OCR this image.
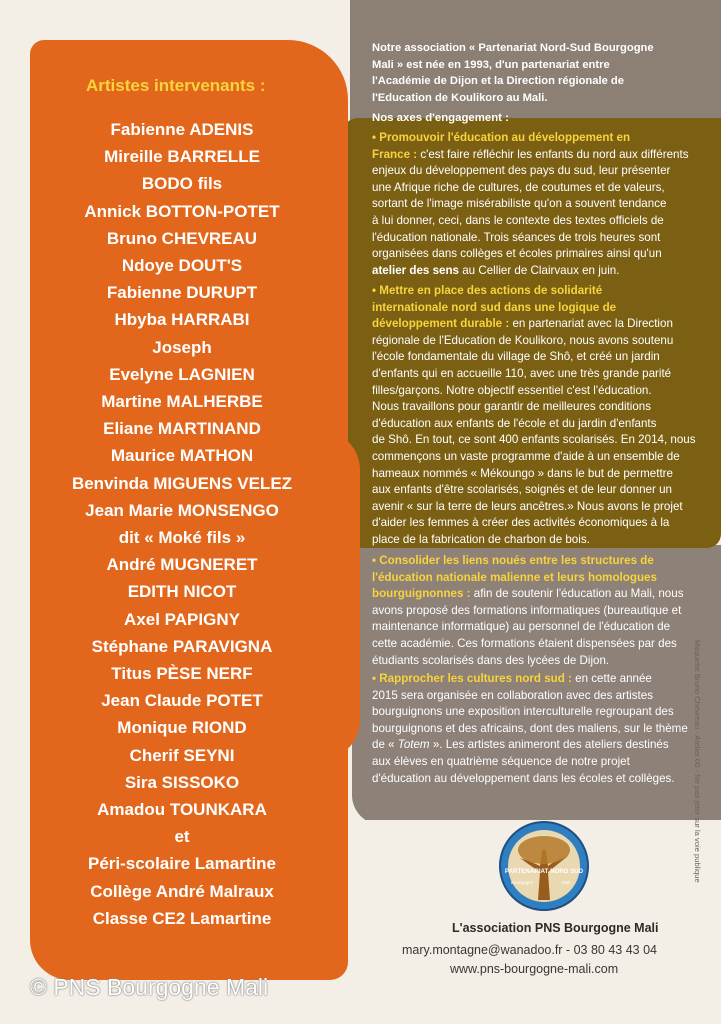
Artistes intervenants :
Fabienne ADENIS
Mireille BARRELLE
BODO fils
Annick BOTTON-POTET
Bruno CHEVREAU
Ndoye DOUT'S
Fabienne DURUPT
Hbyba HARRABI
Joseph
Evelyne LAGNIEN
Martine MALHERBE
Eliane MARTINAND
Maurice MATHON
Benvinda MIGUENS VELEZ
Jean Marie MONSENGO
dit « Moké fils »
André MUGNERET
EDITH NICOT
Axel PAPIGNY
Stéphane PARAVIGNA
Titus PÈSE NERF
Jean Claude POTET
Monique RIOND
Cherif SEYNI
Sira SISSOKO
Amadou TOUNKARA
et
Péri-scolaire Lamartine
Collège André Malraux
Classe CE2 Lamartine
Notre association « Partenariat Nord-Sud Bourgogne
Mali » est née en 1993, d'un partenariat entre
l'Académie de Dijon et la Direction régionale de
l'Education de Koulikoro au Mali.
Nos axes d'engagement :
• Promouvoir l'éducation au développement en
France : c'est faire réfléchir les enfants du nord aux différents
enjeux du développement des pays du sud, leur présenter
une Afrique riche de cultures, de coutumes et de valeurs,
sortant de l'image misérabiliste qu'on a souvent tendance
à lui donner, ceci, dans le contexte des textes officiels de
l'éducation nationale. Trois séances de trois heures sont
organisées dans collèges et écoles primaires ainsi qu'un
atelier des sens au Cellier de Clairvaux en juin.
• Mettre en place des actions de solidarité
internationale nord sud dans une logique de
développement durable : en partenariat avec la Direction
régionale de l'Education de Koulikoro, nous avons soutenu
l'école fondamentale du village de Shô, et créé un jardin
d'enfants qui en accueille 110, avec une très grande parité
filles/garçons. Notre objectif essentiel c'est l'éducation.
Nous travaillons pour garantir de meilleures conditions
d'éducation aux enfants de l'école et du jardin d'enfants
de Shô. En tout, ce sont 400 enfants scolarisés. En 2014, nous
commençons un vaste programme d'aide à un ensemble de
hameaux nommés « Mékoungo » dans le but de permettre
aux enfants d'être scolarisés, soignés et de leur donner un
avenir « sur la terre de leurs ancêtres.» Nous avons le projet
d'aider les femmes à créer des activités économiques à la
place de la fabrication de charbon de bois.
• Consolider les liens noués entre les structures de
l'éducation nationale malienne et leurs homologues
bourguignonnes : afin de soutenir l'éducation au Mali, nous
avons proposé des formations informatiques (bureautique et
maintenance informatique) au personnel de l'éducation de
cette académie. Ces formations étaient dispensées par des
étudiants scolarisés dans des lycées de Dijon.
• Rapprocher les cultures nord sud : en cette année
2015 sera organisée en collaboration avec des artistes
bourguignons une exposition interculturelle regroupant des
bourguignons et des africains, dont des maliens, sur le thème
de « Totem ». Les artistes animeront des ateliers destinés
aux élèves en quatrième séquence de notre projet
d'éducation au développement dans les écoles et collèges.	Maquette Bruno Chevreau - Atelier 00 - Ne pas jeter sur la voie publique
PARTENARIAT NORD SUD
Bourgogne	Mali
L'association PNS Bourgogne Mali
mary.montagne@wanadoo.fr - 03 80 43 43 04
www.pns-bourgogne-mali.com
© PNS Bourgogne Mali
